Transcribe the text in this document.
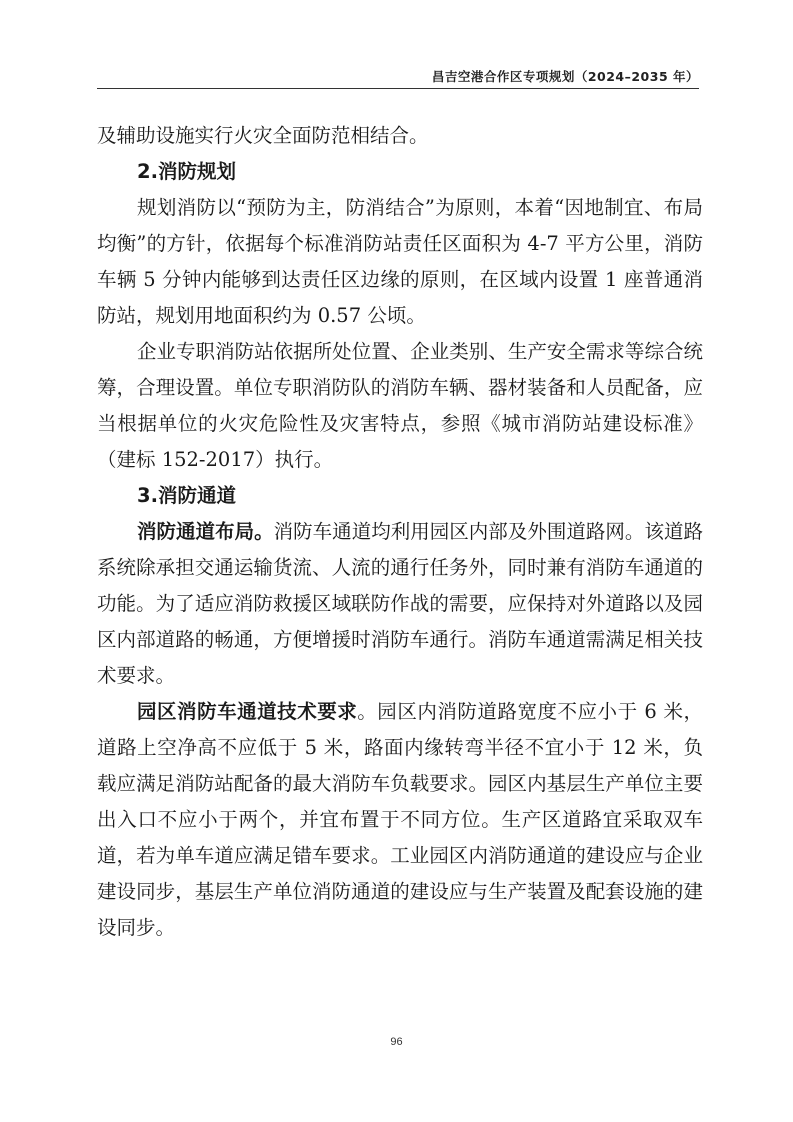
昌吉空港合作区专项规划（2024–2035 年）

及辅助设施实行火灾全面防范相结合。

2.消防规划

规划消防以“预防为主，防消结合”为原则，本着“因地制宜、布局均衡”的方针，依据每个标准消防站责任区面积为 4-7 平方公里，消防车辆 5 分钟内能够到达责任区边缘的原则，在区域内设置 1 座普通消防站，规划用地面积约为 0.57 公顷。

企业专职消防站依据所处位置、企业类别、生产安全需求等综合统筹，合理设置。单位专职消防队的消防车辆、器材装备和人员配备，应当根据单位的火灾危险性及灾害特点，参照《城市消防站建设标准》（建标 152-2017）执行。

3.消防通道

消防通道布局。消防车通道均利用园区内部及外围道路网。该道路系统除承担交通运输货流、人流的通行任务外，同时兼有消防车通道的功能。为了适应消防救援区域联防作战的需要，应保持对外道路以及园区内部道路的畅通，方便增援时消防车通行。消防车通道需满足相关技术要求。

园区消防车通道技术要求。园区内消防道路宽度不应小于 6 米，道路上空净高不应低于 5 米，路面内缘转弯半径不宜小于 12 米，负载应满足消防站配备的最大消防车负载要求。园区内基层生产单位主要出入口不应小于两个，并宜布置于不同方位。生产区道路宜采取双车道，若为单车道应满足错车要求。工业园区内消防通道的建设应与企业建设同步，基层生产单位消防通道的建设应与生产装置及配套设施的建设同步。

96
